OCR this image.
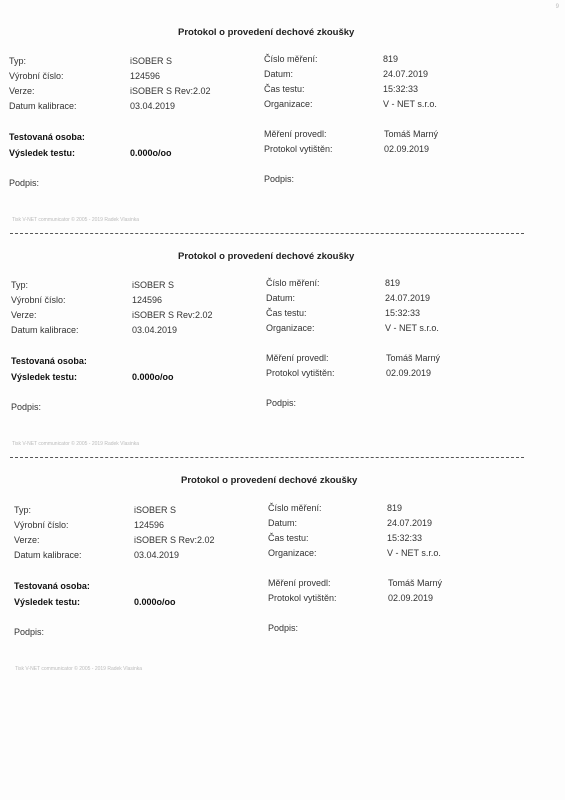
9
Protokol o provedení dechové zkoušky
Typ:	iSOBER S
Výrobní číslo:	124596
Verze:	iSOBER S Rev:2.02
Datum kalibrace:	03.04.2019
Číslo měření:	819
Datum:	24.07.2019
Čas testu:	15:32:33
Organizace:	V - NET s.r.o.
Testovaná osoba:
Výsledek testu:	0.000o/oo
Měření provedl:	Tomáš Marný
Protokol vytištěn:	02.09.2019
Podpis:	Podpis:
Tisk V-NET communicator © 2005 - 2019 Radek Vlasinka
Protokol o provedení dechové zkoušky
Typ:	iSOBER S
Výrobní číslo:	124596
Verze:	iSOBER S Rev:2.02
Datum kalibrace:	03.04.2019
Číslo měření:	819
Datum:	24.07.2019
Čas testu:	15:32:33
Organizace:	V - NET s.r.o.
Testovaná osoba:
Výsledek testu:	0.000o/oo
Měření provedl:	Tomáš Marný
Protokol vytištěn:	02.09.2019
Podpis:	Podpis:
Tisk V-NET communicator © 2005 - 2019 Radek Vlasinka
Protokol o provedení dechové zkoušky
Typ:	iSOBER S
Výrobní číslo:	124596
Verze:	iSOBER S Rev:2.02
Datum kalibrace:	03.04.2019
Číslo měření:	819
Datum:	24.07.2019
Čas testu:	15:32:33
Organizace:	V - NET s.r.o.
Testovaná osoba:
Výsledek testu:	0.000o/oo
Měření provedl:	Tomáš Marný
Protokol vytištěn:	02.09.2019
Podpis:	Podpis:
Tisk V-NET communicator © 2005 - 2019 Radek Vlasinka
